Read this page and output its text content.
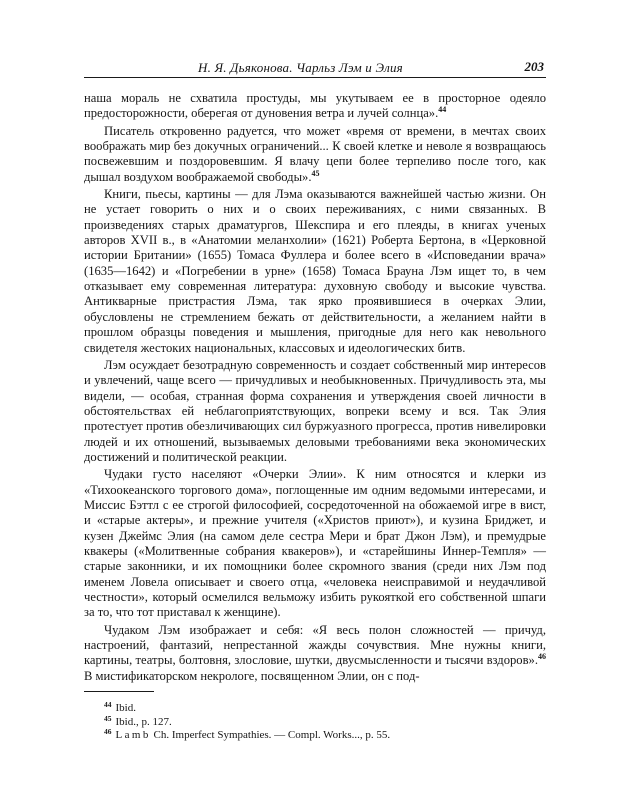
Н. Я. Дьяконова. Чарльз Лэм и Элия	203

наша мораль не схватила простуды, мы укутываем ее в просторное одеяло предосторожности, оберегая от дуновения ветра и лучей солнца».$^{44}$

Писатель откровенно радуется, что может «время от времени, в мечтах своих воображать мир без докучных ограничений... К своей клетке и неволе я возвращаюсь посвежевшим и поздоровевшим. Я влачу цепи более терпеливо после того, как дышал воздухом воображаемой свободы».$^{45}$

Книги, пьесы, картины — для Лэма оказываются важнейшей частью жизни. Он не устает говорить о них и о своих переживаниях, с ними связанных. В произведениях старых драматургов, Шекспира и его плеяды, в книгах ученых авторов XVII в., в «Анатомии меланхолии» (1621) Роберта Бертона, в «Церковной истории Британии» (1655) Томаса Фуллера и более всего в «Исповедании врача» (1635—1642) и «Погребении в урне» (1658) Томаса Брауна Лэм ищет то, в чем отказывает ему современная литература: духовную свободу и высокие чувства. Антикварные пристрастия Лэма, так ярко проявившиеся в очерках Элии, обусловлены не стремлением бежать от действительности, а желанием найти в прошлом образцы поведения и мышления, пригодные для него как невольного свидетеля жестоких национальных, классовых и идеологических битв.

Лэм осуждает безотрадную современность и создает собственный мир интересов и увлечений, чаще всего — причудливых и необыкновенных. Причудливость эта, мы видели, — особая, странная форма сохранения и утверждения своей личности в обстоятельствах ей неблагоприятствующих, вопреки всему и вся. Так Элия протестует против обезличивающих сил буржуазного прогресса, против нивелировки людей и их отношений, вызываемых деловыми требованиями века экономических достижений и политической реакции.

Чудаки густо населяют «Очерки Элии». К ним относятся и клерки из «Тихоокеанского торгового дома», поглощенные им одним ведомыми интересами, и Миссис Бэттл с ее строгой философией, сосредоточенной на обожаемой игре в вист, и «старые актеры», и прежние учителя («Христов приют»), и кузина Бриджет, и кузен Джеймс Элия (на самом деле сестра Мери и брат Джон Лэм), и премудрые квакеры («Молитвенные собрания квакеров»), и «старейшины Иннер-Темпля» — старые законники, и их помощники более скромного звания (среди них Лэм под именем Ловела описывает и своего отца, «человека неисправимой и неудачливой честности», который осмелился вельможу избить рукояткой его собственной шпаги за то, что тот приставал к женщине).

Чудаком Лэм изображает и себя: «Я весь полон сложностей — причуд, настроений, фантазий, непрестанной жажды сочувствия. Мне нужны книги, картины, театры, болтовня, злословие, шутки, двусмысленности и тысячи вздоров».$^{46}$ В мистификаторском некрологе, посвященном Элии, он с под-

$^{44}$ Ibid.
$^{45}$ Ibid., p. 127.
$^{46}$ Lamb Ch. Imperfect Sympathies. — Compl. Works..., p. 55.
